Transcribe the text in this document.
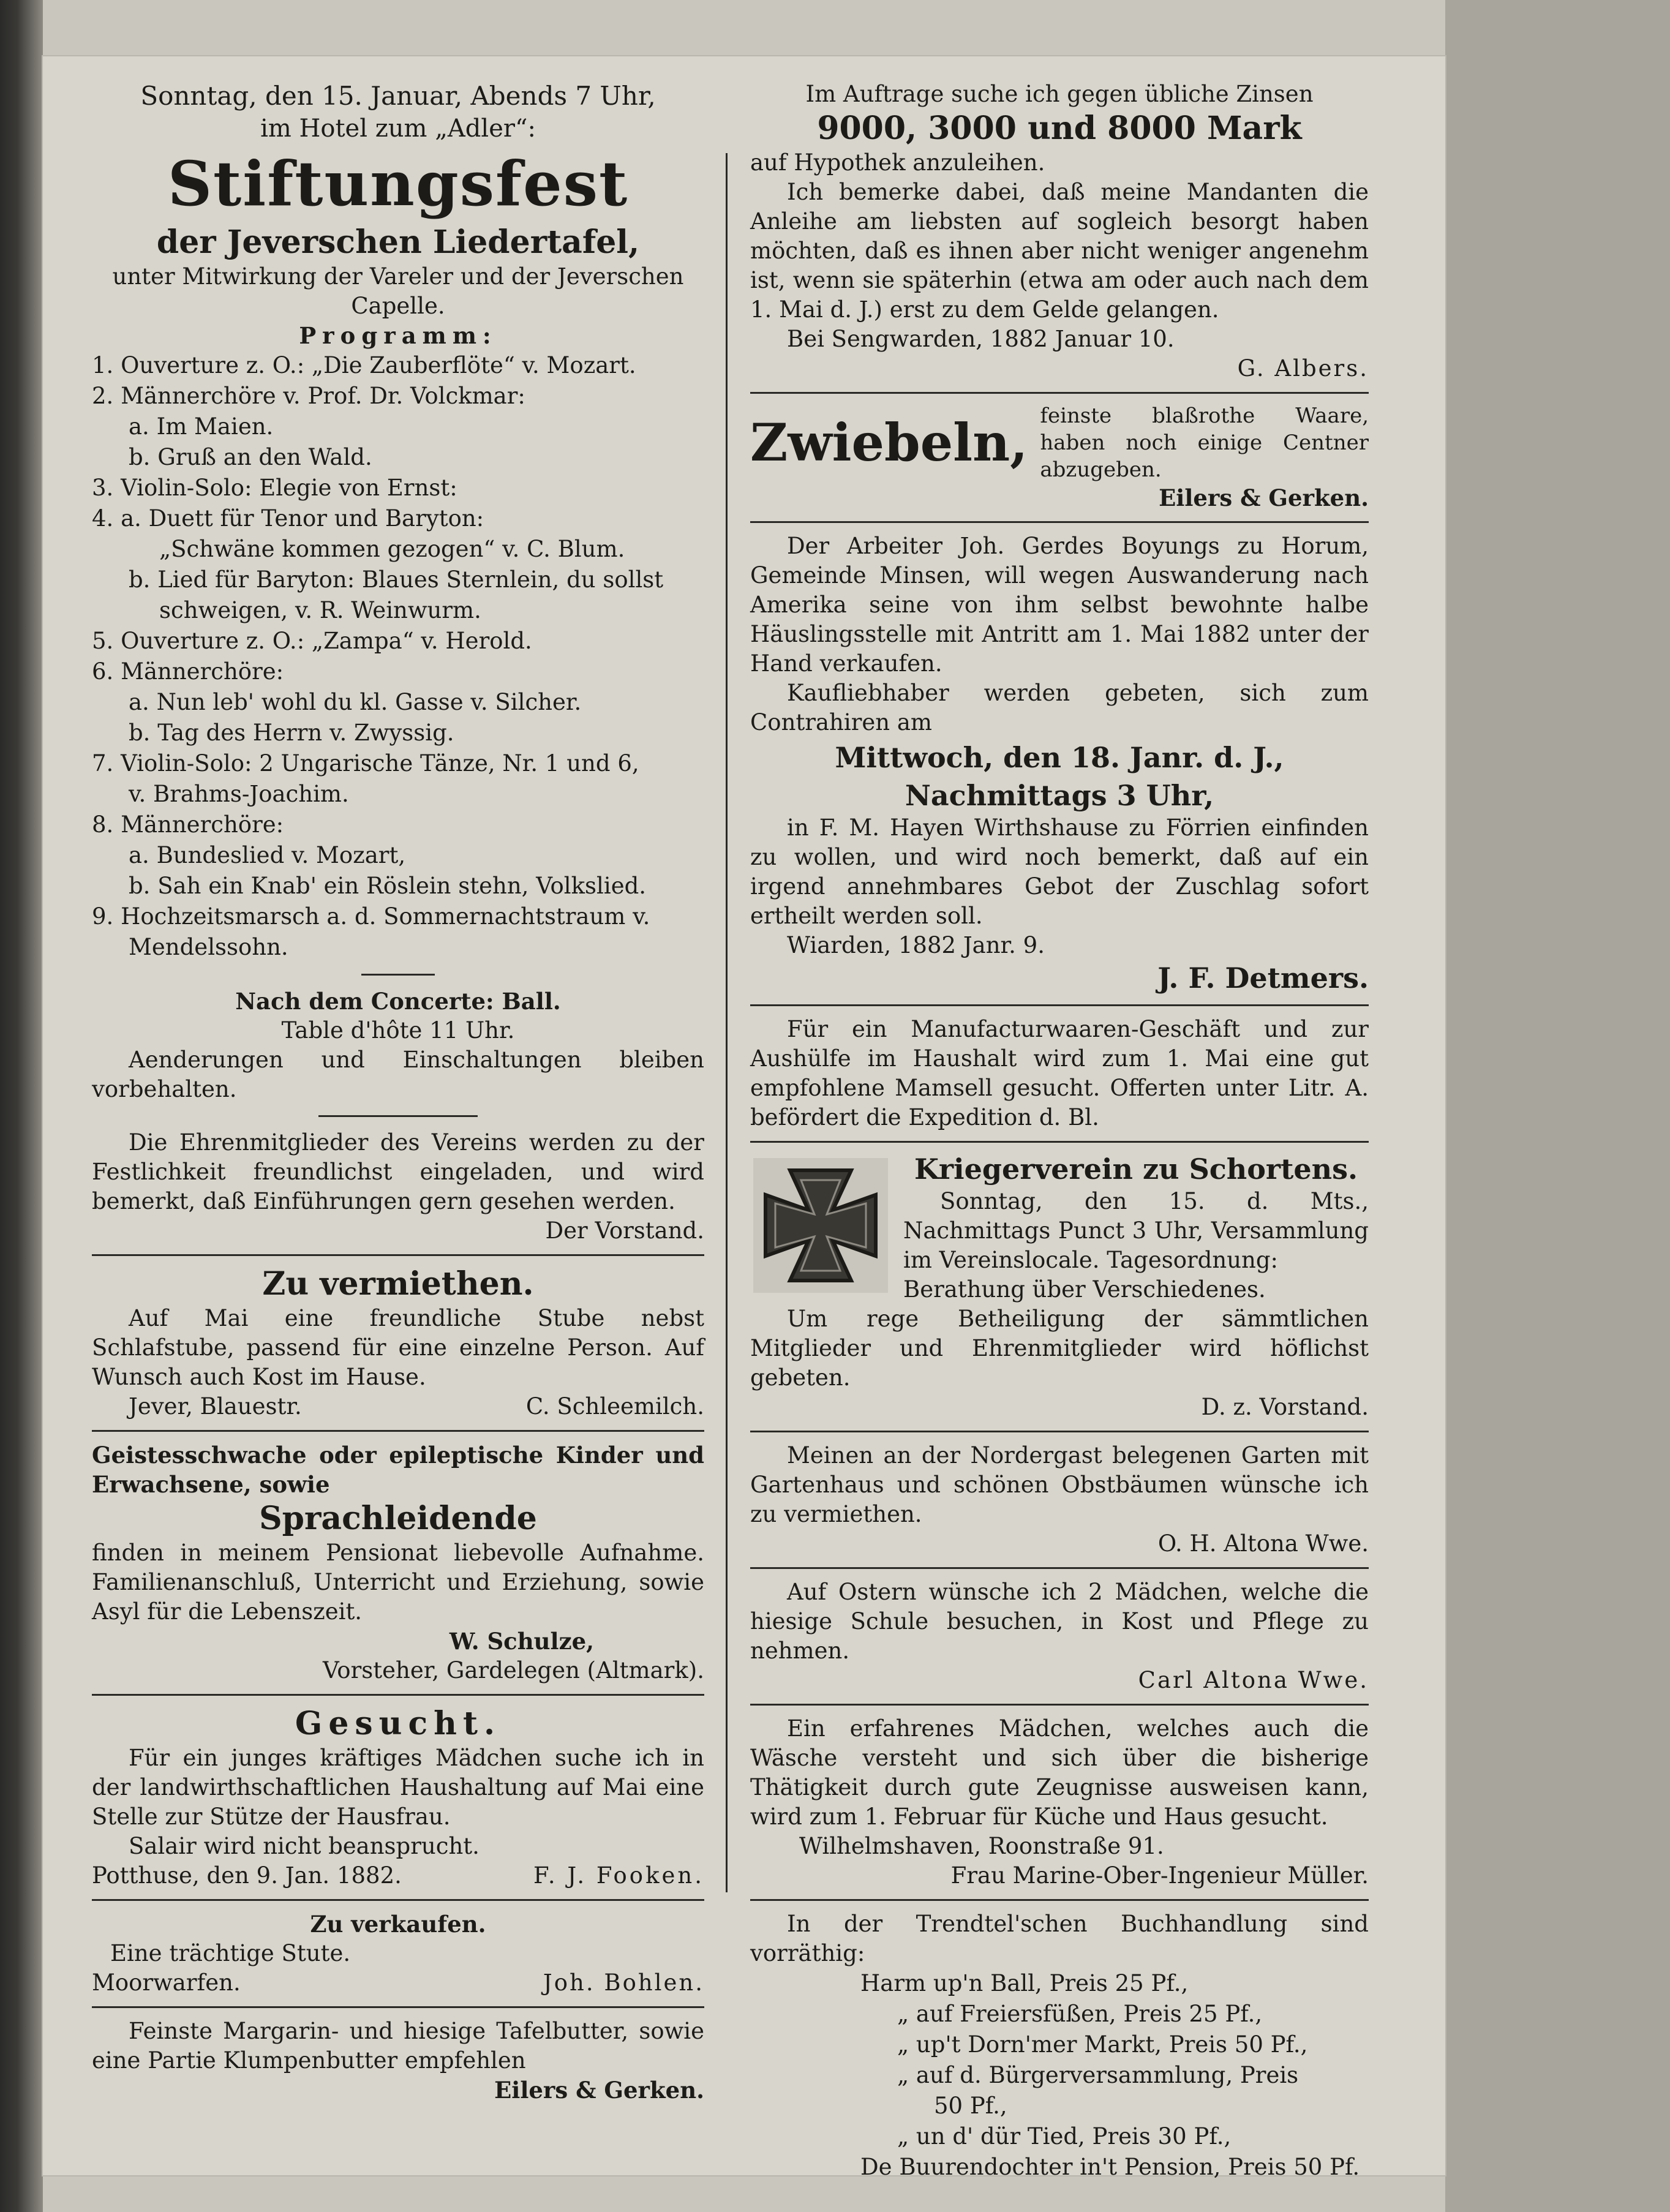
Sonntag, den 15. Januar, Abends 7 Uhr,

im Hotel zum „Adler“:

Stiftungsfest

der Jeverschen Liedertafel,

unter Mitwirkung der Vareler und der Jeverschen

Capelle.

Programm:

1. Ouverture z. O.: „Die Zauberflöte“ v. Mozart.

2. Männerchöre v. Prof. Dr. Volckmar:

a. Im Maien.

b. Gruß an den Wald.

3. Violin-Solo: Elegie von Ernst:

4. a. Duett für Tenor und Baryton:

„Schwäne kommen gezogen“ v. C. Blum.

b. Lied für Baryton: Blaues Sternlein, du sollst

schweigen, v. R. Weinwurm.

5. Ouverture z. O.: „Zampa“ v. Herold.

6. Männerchöre:

a. Nun leb' wohl du kl. Gasse v. Silcher.

b. Tag des Herrn v. Zwyssig.

7. Violin-Solo: 2 Ungarische Tänze, Nr. 1 und 6,

v. Brahms-Joachim.

8. Männerchöre:

a. Bundeslied v. Mozart,

b. Sah ein Knab' ein Röslein stehn, Volkslied.

9. Hochzeitsmarsch a. d. Sommernachtstraum v.

Mendelssohn.

Nach dem Concerte: Ball.

Table d'hôte 11 Uhr.

Aenderungen und Einschaltungen bleiben vorbehalten.

Die Ehrenmitglieder des Vereins werden zu der Festlichkeit freundlichst eingeladen, und wird bemerkt, daß Einführungen gern gesehen werden.

Der Vorstand.

Zu vermiethen.

Auf Mai eine freundliche Stube nebst Schlafstube, passend für eine einzelne Person. Auf Wunsch auch Kost im Hause.

Jever, Blauestr.	C. Schleemilch.

Geistesschwache oder epileptische Kinder und Erwachsene, sowie

Sprachleidende

finden in meinem Pensionat liebevolle Aufnahme. Familienanschluß, Unterricht und Erziehung, sowie Asyl für die Lebenszeit.

W. Schulze,

Vorsteher, Gardelegen (Altmark).

Gesucht.

Für ein junges kräftiges Mädchen suche ich in der landwirthschaftlichen Haushaltung auf Mai eine Stelle zur Stütze der Hausfrau.

Salair wird nicht beansprucht.

Potthuse, den 9. Jan. 1882.	F. J. Fooken.

Zu verkaufen.

Eine trächtige Stute.

Moorwarfen.	Joh. Bohlen.

Feinste Margarin- und hiesige Tafelbutter, sowie eine Partie Klumpenbutter empfehlen

Eilers & Gerken.

Im Auftrage suche ich gegen übliche Zinsen

9000, 3000 und 8000 Mark

auf Hypothek anzuleihen.

Ich bemerke dabei, daß meine Mandanten die Anleihe am liebsten auf sogleich besorgt haben möchten, daß es ihnen aber nicht weniger angenehm ist, wenn sie späterhin (etwa am oder auch nach dem 1. Mai d. J.) erst zu dem Gelde gelangen.

Bei Sengwarden, 1882 Januar 10.

G. Albers.

Zwiebeln, feinste blaßrothe Waare, haben noch einige Centner abzugeben.

Eilers & Gerken.

Der Arbeiter Joh. Gerdes Boyungs zu Horum, Gemeinde Minsen, will wegen Auswanderung nach Amerika seine von ihm selbst bewohnte halbe Häuslingsstelle mit Antritt am 1. Mai 1882 unter der Hand verkaufen.

Kaufliebhaber werden gebeten, sich zum Contrahiren am

Mittwoch, den 18. Janr. d. J.,

Nachmittags 3 Uhr,

in F. M. Hayen Wirthshause zu Förrien einfinden zu wollen, und wird noch bemerkt, daß auf ein irgend annehmbares Gebot der Zuschlag sofort ertheilt werden soll.

Wiarden, 1882 Janr. 9.

J. F. Detmers.

Für ein Manufacturwaaren-Geschäft und zur Aushülfe im Haushalt wird zum 1. Mai eine gut empfohlene Mamsell gesucht. Offerten unter Litr. A. befördert die Expedition d. Bl.

Kriegerverein zu Schortens.

Sonntag, den 15. d. Mts., Nachmittags Punct 3 Uhr, Versammlung im Vereinslocale. Tagesordnung:

Berathung über Verschiedenes.

Um rege Betheiligung der sämmtlichen Mitglieder und Ehrenmitglieder wird höflichst gebeten.

D. z. Vorstand.

Meinen an der Nordergast belegenen Garten mit Gartenhaus und schönen Obstbäumen wünsche ich zu vermiethen.

O. H. Altona Wwe.

Auf Ostern wünsche ich 2 Mädchen, welche die hiesige Schule besuchen, in Kost und Pflege zu nehmen.

Carl Altona Wwe.

Ein erfahrenes Mädchen, welches auch die Wäsche versteht und sich über die bisherige Thätigkeit durch gute Zeugnisse ausweisen kann, wird zum 1. Februar für Küche und Haus gesucht.

Wilhelmshaven, Roonstraße 91.

Frau Marine-Ober-Ingenieur Müller.

In der Trendtel'schen Buchhandlung sind vorräthig:

Harm up'n Ball, Preis 25 Pf.,

„ auf Freiersfüßen, Preis 25 Pf.,

„ up't Dorn'mer Markt, Preis 50 Pf.,

„ auf d. Bürgerversammlung, Preis

50 Pf.,

„ un d' dür Tied, Preis 30 Pf.,

De Buurendochter in't Pension, Preis 50 Pf.
